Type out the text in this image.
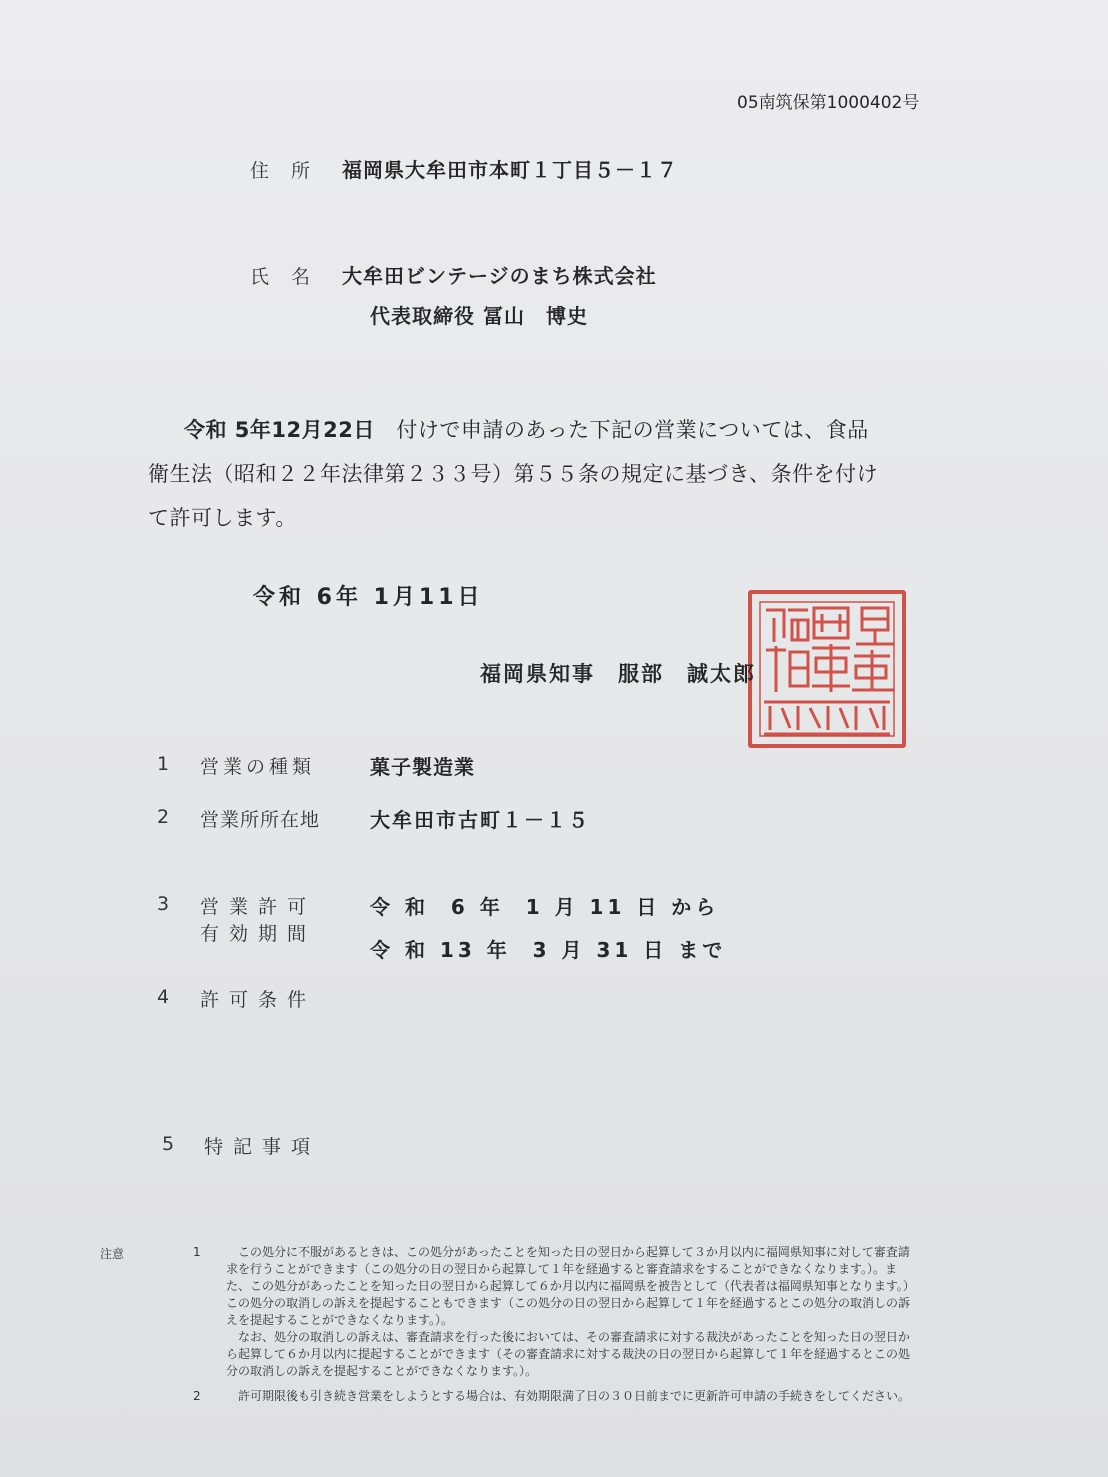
05南筑保第1000402号
住 所 福岡県大牟田市本町１丁目５－１７
氏 名 大牟田ビンテージのまち株式会社
代表取締役 冨山　博史
令和 5年12月22日　 付けで申請のあった下記の営業については、食品
衛生法（昭和２２年法律第２３３号）第５５条の規定に基づき、条件を付け
て許可します。
令和 6年 1月11日
福岡県知事　服部　誠太郎
1 営業の種類	菓子製造業
2 営業所所在地 大牟田市古町１－１５
3 営業許可
有効期間
令 和  6 年  1 月 11 日 から
令 和 13 年  3 月 31 日 まで
4 許可条件
5 特記事項
注意	1	この処分に不服があるときは、この処分があったことを知った日の翌日から起算して３か月以内に福岡県知事に対して審査請求を行うことができます（この処分の日の翌日から起算して１年を経過すると審査請求をすることができなくなります。）。また、この処分があったことを知った日の翌日から起算して６か月以内に福岡県を被告として（代表者は福岡県知事となります。）この処分の取消しの訴えを提起することもできます（この処分の日の翌日から起算して１年を経過するとこの処分の取消しの訴えを提起することができなくなります。）。
なお、処分の取消しの訴えは、審査請求を行った後においては、その審査請求に対する裁決があったことを知った日の翌日から起算して６か月以内に提起することができます（その審査請求に対する裁決の日の翌日から起算して１年を経過するとこの処分の取消しの訴えを提起することができなくなります。）。
2	許可期限後も引き続き営業をしようとする場合は、有効期限満了日の３０日前までに更新許可申請の手続きをしてください。
